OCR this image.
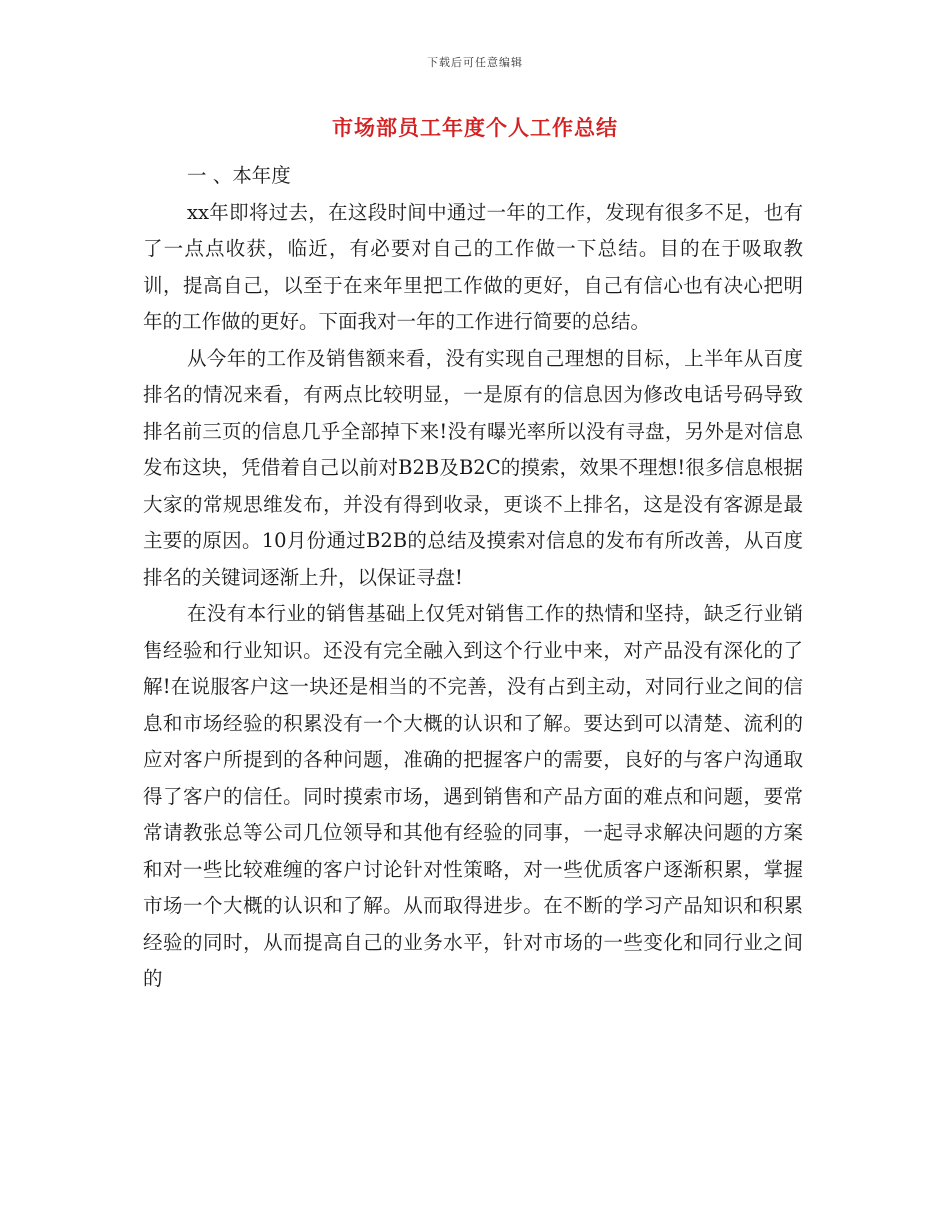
下载后可任意编辑
市场部员工年度个人工作总结

一 、本年度

xx年即将过去，在这段时间中通过一年的工作，发现有很多不足，也有了一点点收获，临近，有必要对自己的工作做一下总结。目的在于吸取教训，提高自己，以至于在来年里把工作做的更好，自己有信心也有决心把明年的工作做的更好。下面我对一年的工作进行简要的总结。

从今年的工作及销售额来看，没有实现自己理想的目标，上半年从百度排名的情况来看，有两点比较明显，一是原有的信息因为修改电话号码导致排名前三页的信息几乎全部掉下来!没有曝光率所以没有寻盘，另外是对信息发布这块，凭借着自己以前对B2B及B2C的摸索，效果不理想!很多信息根据大家的常规思维发布，并没有得到收录，更谈不上排名，这是没有客源是最主要的原因。10月份通过B2B的总结及摸索对信息的发布有所改善，从百度排名的关键词逐渐上升，以保证寻盘!

在没有本行业的销售基础上仅凭对销售工作的热情和坚持，缺乏行业销售经验和行业知识。还没有完全融入到这个行业中来，对产品没有深化的了解!在说服客户这一块还是相当的不完善，没有占到主动，对同行业之间的信息和市场经验的积累没有一个大概的认识和了解。要达到可以清楚、流利的应对客户所提到的各种问题，准确的把握客户的需要，良好的与客户沟通取得了客户的信任。同时摸索市场，遇到销售和产品方面的难点和问题，要常常请教张总等公司几位领导和其他有经验的同事，一起寻求解决问题的方案和对一些比较难缠的客户讨论针对性策略，对一些优质客户逐渐积累，掌握市场一个大概的认识和了解。从而取得进步。在不断的学习产品知识和积累经验的同时，从而提高自己的业务水平，针对市场的一些变化和同行业之间的
